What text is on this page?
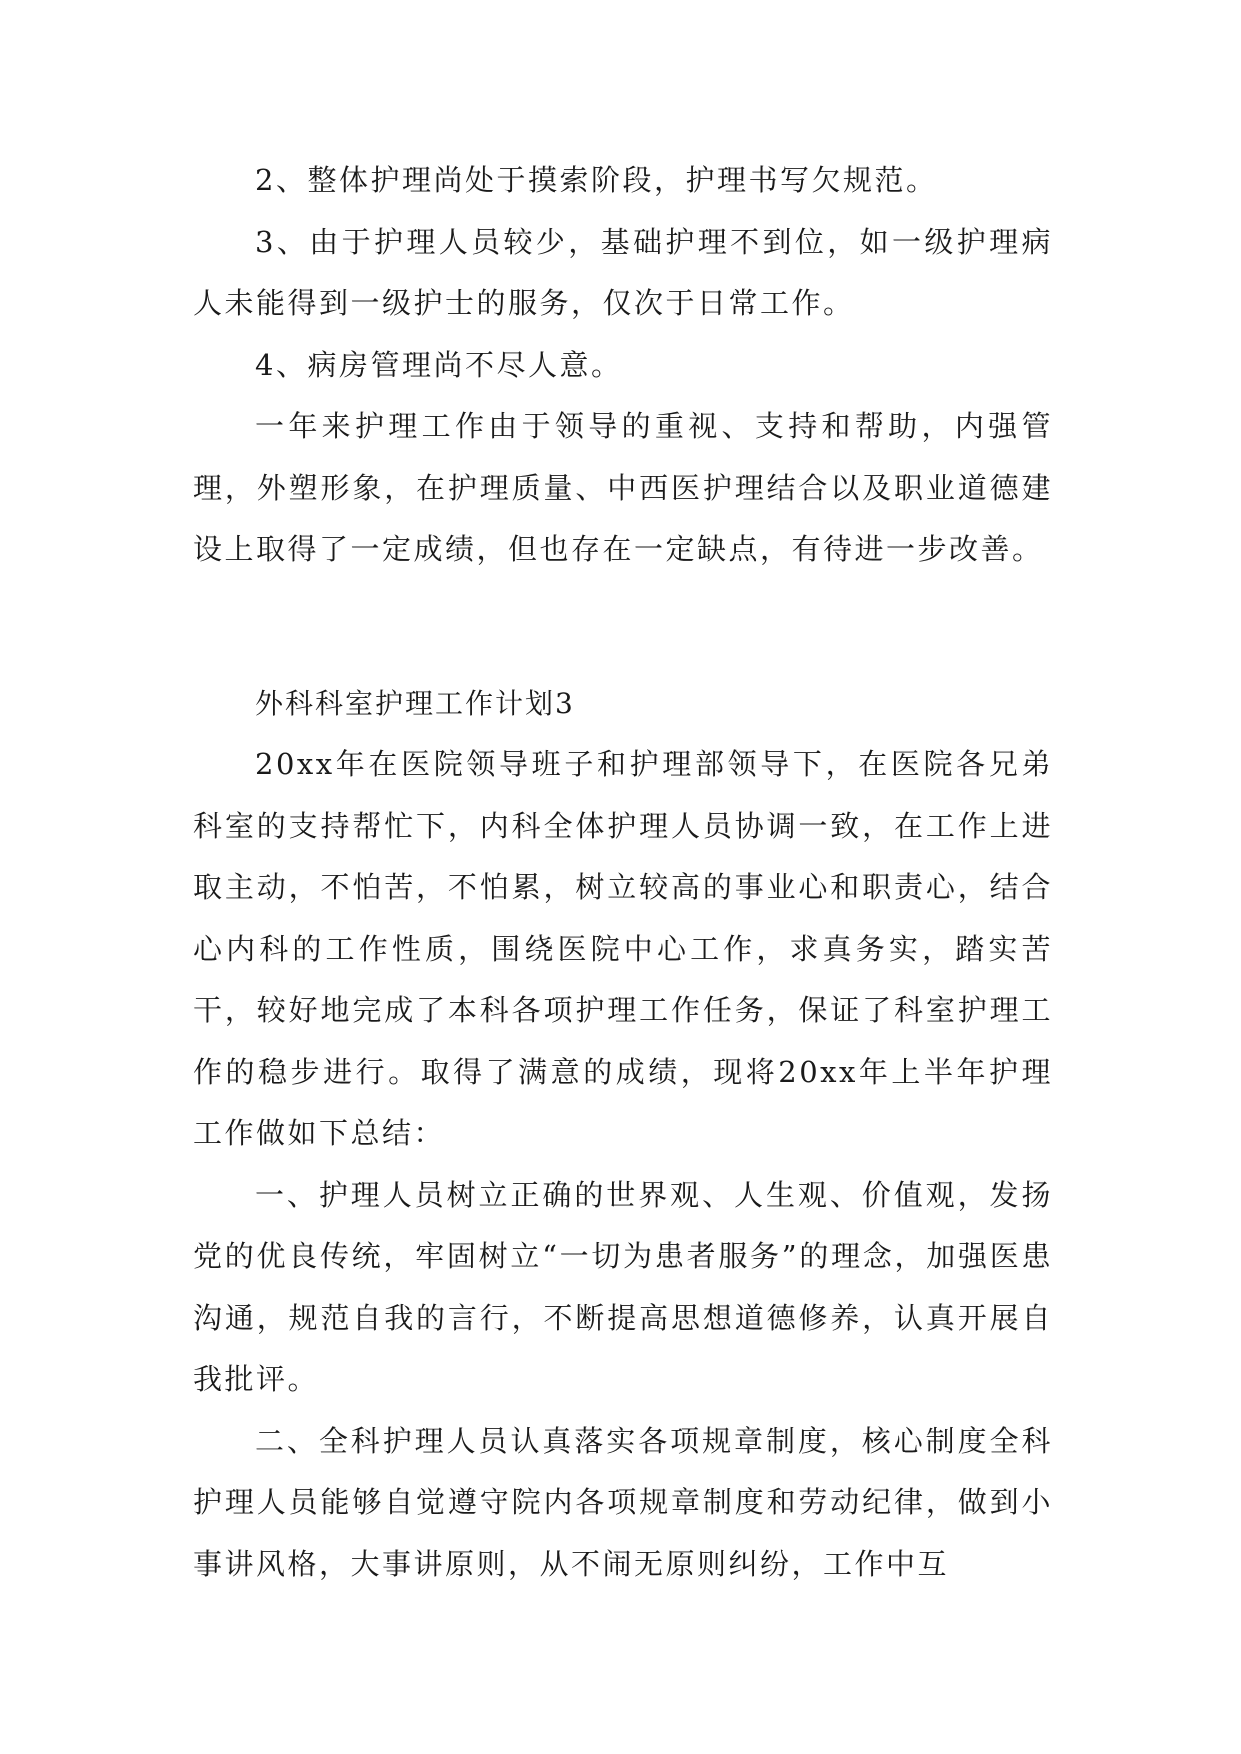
2、整体护理尚处于摸索阶段，护理书写欠规范。

3、由于护理人员较少，基础护理不到位，如一级护理病人未能得到一级护士的服务，仅次于日常工作。

4、病房管理尚不尽人意。

一年来护理工作由于领导的重视、支持和帮助，内强管理，外塑形象，在护理质量、中西医护理结合以及职业道德建设上取得了一定成绩，但也存在一定缺点，有待进一步改善。

外科科室护理工作计划3

20xx年在医院领导班子和护理部领导下，在医院各兄弟科室的支持帮忙下，内科全体护理人员协调一致，在工作上进取主动，不怕苦，不怕累，树立较高的事业心和职责心，结合心内科的工作性质，围绕医院中心工作，求真务实，踏实苦干，较好地完成了本科各项护理工作任务，保证了科室护理工作的稳步进行。取得了满意的成绩，现将20xx年上半年护理工作做如下总结：

一、护理人员树立正确的世界观、人生观、价值观，发扬党的优良传统，牢固树立“一切为患者服务”的理念，加强医患沟通，规范自我的言行，不断提高思想道德修养，认真开展自我批评。

二、全科护理人员认真落实各项规章制度，核心制度全科护理人员能够自觉遵守院内各项规章制度和劳动纪律，做到小事讲风格，大事讲原则，从不闹无原则纠纷，工作中互
